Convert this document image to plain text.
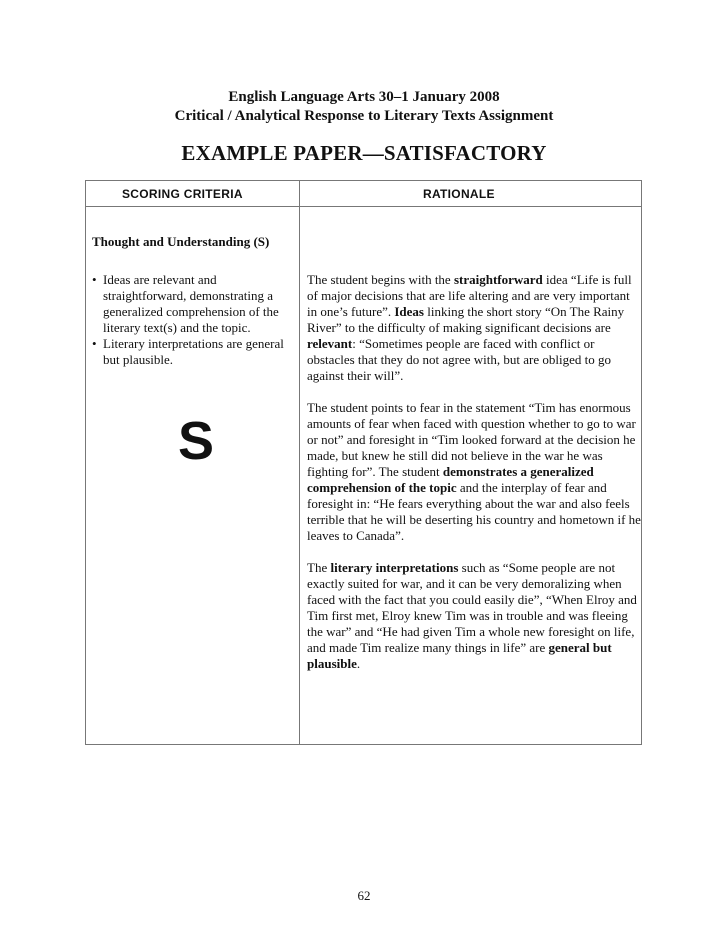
English Language Arts 30–1 January 2008
Critical / Analytical Response to Literary Texts Assignment
EXAMPLE PAPER—SATISFACTORY
SCORING CRITERIA	RATIONALE
Thought and Understanding (S)
• Ideas are relevant and straightforward, demonstrating a generalized comprehension of the literary text(s) and the topic.
• Literary interpretations are general but plausible.
S

The student begins with the straightforward idea “Life is full of major decisions that are life altering and are very important in one’s future”. Ideas linking the short story “On The Rainy River” to the difficulty of making significant decisions are relevant: “Sometimes people are faced with conflict or obstacles that they do not agree with, but are obliged to go against their will”.

The student points to fear in the statement “Tim has enormous amounts of fear when faced with question whether to go to war or not” and foresight in “Tim looked forward at the decision he made, but knew he still did not believe in the war he was fighting for”. The student demonstrates a generalized comprehension of the topic and the interplay of fear and foresight in: “He fears everything about the war and also feels terrible that he will be deserting his country and hometown if he leaves to Canada”.

The literary interpretations such as “Some people are not exactly suited for war, and it can be very demoralizing when faced with the fact that you could easily die”, “When Elroy and Tim first met, Elroy knew Tim was in trouble and was fleeing the war” and “He had given Tim a whole new foresight on life, and made Tim realize many things in life” are general but plausible.

62
